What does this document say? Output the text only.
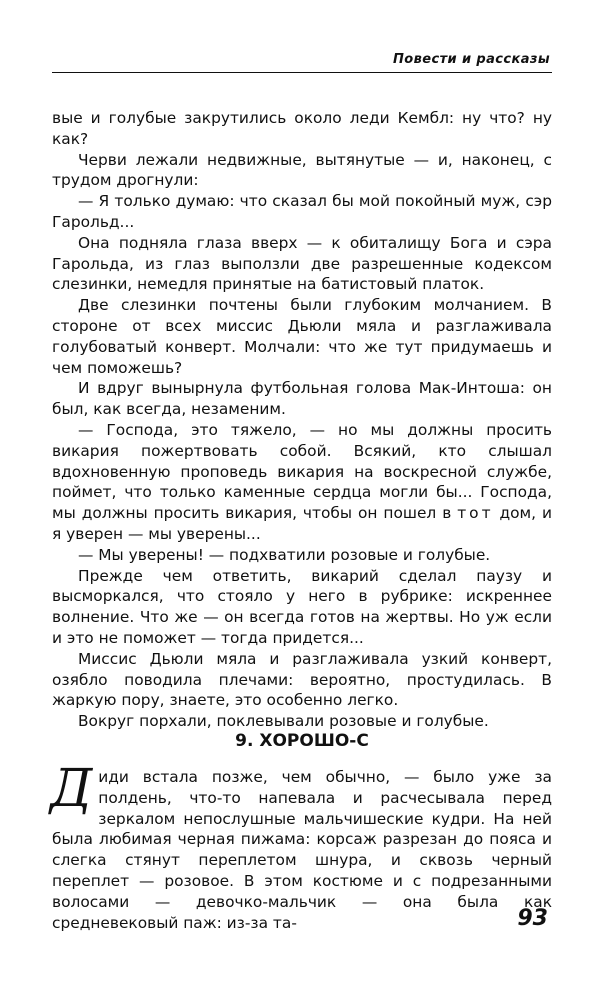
Повести и рассказы

вые и голубые закрутились около леди Кембл: ну что? ну как?

Черви лежали недвижные, вытянутые — и, наконец, с трудом дрогнули:

— Я только думаю: что сказал бы мой покойный муж, сэр Гарольд...

Она подняла глаза вверх — к обиталищу Бога и сэра Гарольда, из глаз выползли две разрешенные кодексом слезинки, немедля принятые на батистовый платок.

Две слезинки почтены были глубоким молчанием. В стороне от всех миссис Дьюли мяла и разглаживала голубоватый конверт. Молчали: что же тут придумаешь и чем поможешь?

И вдруг вынырнула футбольная голова Мак-Интоша: он был, как всегда, незаменим.

— Господа, это тяжело, — но мы должны просить викария пожертвовать собой. Всякий, кто слышал вдохновенную проповедь викария на воскресной службе, поймет, что только каменные сердца могли бы... Господа, мы должны просить викария, чтобы он пошел в тот дом, и я уверен — мы уверены...

— Мы уверены! — подхватили розовые и голубые.

Прежде чем ответить, викарий сделал паузу и высморкался, что стояло у него в рубрике: искреннее волнение. Что же — он всегда готов на жертвы. Но уж если и это не поможет — тогда придется...

Миссис Дьюли мяла и разглаживала узкий конверт, озябло поводила плечами: вероятно, простудилась. В жаркую пору, знаете, это особенно легко.

Вокруг порхали, поклевывали розовые и голубые.

9. ХОРОШО-С

Диди встала позже, чем обычно, — было уже за полдень, что-то напевала и расчесывала перед зеркалом непослушные мальчишеские кудри. На ней была любимая черная пижама: корсаж разрезан до пояса и слегка стянут переплетом шнура, и сквозь черный переплет — розовое. В этом костюме и с подрезанными волосами — девочко-мальчик — она была как средневековый паж: из-за та-	93
